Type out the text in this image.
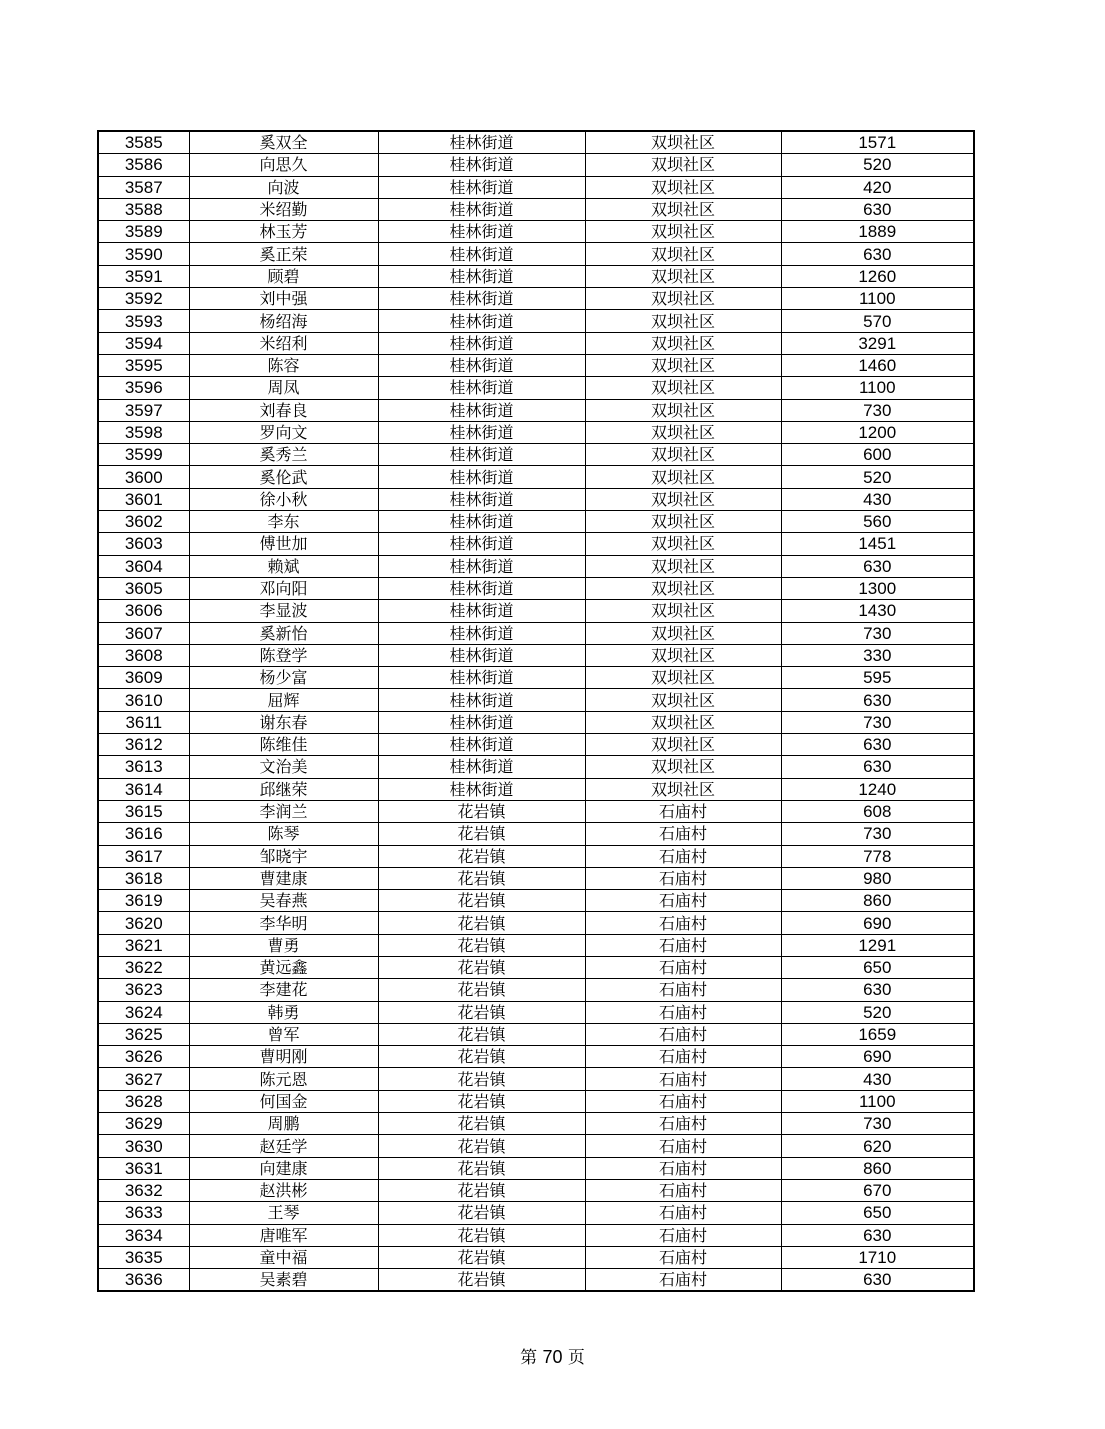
3585	奚双全	桂林街道	双坝社区	1571
3586	向思久	桂林街道	双坝社区	520
3587	向波	桂林街道	双坝社区	420
3588	米绍勤	桂林街道	双坝社区	630
3589	林玉芳	桂林街道	双坝社区	1889
3590	奚正荣	桂林街道	双坝社区	630
3591	顾碧	桂林街道	双坝社区	1260
3592	刘中强	桂林街道	双坝社区	1100
3593	杨绍海	桂林街道	双坝社区	570
3594	米绍利	桂林街道	双坝社区	3291
3595	陈容	桂林街道	双坝社区	1460
3596	周凤	桂林街道	双坝社区	1100
3597	刘春良	桂林街道	双坝社区	730
3598	罗向文	桂林街道	双坝社区	1200
3599	奚秀兰	桂林街道	双坝社区	600
3600	奚伦武	桂林街道	双坝社区	520
3601	徐小秋	桂林街道	双坝社区	430
3602	李东	桂林街道	双坝社区	560
3603	傅世加	桂林街道	双坝社区	1451
3604	赖斌	桂林街道	双坝社区	630
3605	邓向阳	桂林街道	双坝社区	1300
3606	李显波	桂林街道	双坝社区	1430
3607	奚新怡	桂林街道	双坝社区	730
3608	陈登学	桂林街道	双坝社区	330
3609	杨少富	桂林街道	双坝社区	595
3610	屈辉	桂林街道	双坝社区	630
3611	谢东春	桂林街道	双坝社区	730
3612	陈维佳	桂林街道	双坝社区	630
3613	文治美	桂林街道	双坝社区	630
3614	邱继荣	桂林街道	双坝社区	1240
3615	李润兰	花岩镇	石庙村	608
3616	陈琴	花岩镇	石庙村	730
3617	邹晓宇	花岩镇	石庙村	778
3618	曹建康	花岩镇	石庙村	980
3619	吴春燕	花岩镇	石庙村	860
3620	李华明	花岩镇	石庙村	690
3621	曹勇	花岩镇	石庙村	1291
3622	黄远鑫	花岩镇	石庙村	650
3623	李建花	花岩镇	石庙村	630
3624	韩勇	花岩镇	石庙村	520
3625	曾军	花岩镇	石庙村	1659
3626	曹明刚	花岩镇	石庙村	690
3627	陈元恩	花岩镇	石庙村	430
3628	何国金	花岩镇	石庙村	1100
3629	周鹏	花岩镇	石庙村	730
3630	赵廷学	花岩镇	石庙村	620
3631	向建康	花岩镇	石庙村	860
3632	赵洪彬	花岩镇	石庙村	670
3633	王琴	花岩镇	石庙村	650
3634	唐唯军	花岩镇	石庙村	630
3635	童中福	花岩镇	石庙村	1710
3636	吴素碧	花岩镇	石庙村	630
第 70 页
